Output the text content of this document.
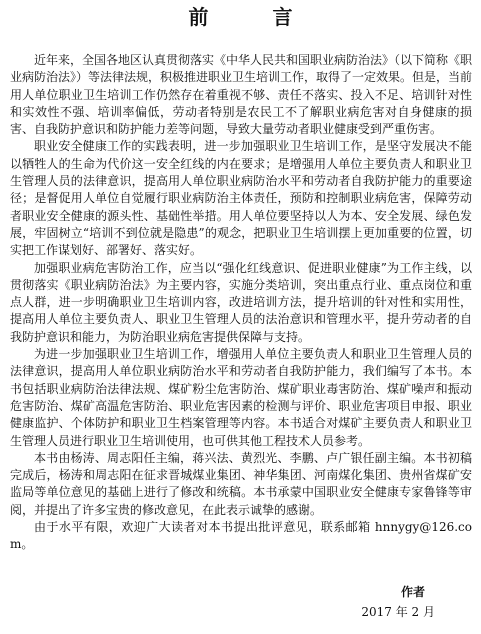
前　言

近年来，全国各地区认真贯彻落实《中华人民共和国职业病防治法》（以下简称《职业病防治法》）等法律法规，积极推进职业卫生培训工作，取得了一定效果。但是，当前用人单位职业卫生培训工作仍然存在着重视不够、责任不落实、投入不足、培训针对性和实效性不强、培训率偏低，劳动者特别是农民工不了解职业病危害对自身健康的损害、自我防护意识和防护能力差等问题，导致大量劳动者职业健康受到严重伤害。

职业安全健康工作的实践表明，进一步加强职业卫生培训工作，是坚守发展决不能以牺牲人的生命为代价这一安全红线的内在要求；是增强用人单位主要负责人和职业卫生管理人员的法律意识，提高用人单位职业病防治水平和劳动者自我防护能力的重要途径；是督促用人单位自觉履行职业病防治主体责任，预防和控制职业病危害，保障劳动者职业安全健康的源头性、基础性举措。用人单位要坚持以人为本、安全发展、绿色发展，牢固树立“培训不到位就是隐患”的观念，把职业卫生培训摆上更加重要的位置，切实把工作谋划好、部署好、落实好。

加强职业病危害防治工作，应当以“强化红线意识、促进职业健康”为工作主线，以贯彻落实《职业病防治法》为主要内容，实施分类培训，突出重点行业、重点岗位和重点人群，进一步明确职业卫生培训内容，改进培训方法，提升培训的针对性和实用性，提高用人单位主要负责人、职业卫生管理人员的法治意识和管理水平，提升劳动者的自我防护意识和能力，为防治职业病危害提供保障与支持。

为进一步加强职业卫生培训工作，增强用人单位主要负责人和职业卫生管理人员的法律意识，提高用人单位职业病防治水平和劳动者自我防护能力，我们编写了本书。本书包括职业病防治法律法规、煤矿粉尘危害防治、煤矿职业毒害防治、煤矿噪声和振动危害防治、煤矿高温危害防治、职业危害因素的检测与评价、职业危害项目申报、职业健康监护、个体防护和职业卫生档案管理等内容。本书适合对煤矿主要负责人和职业卫生管理人员进行职业卫生培训使用，也可供其他工程技术人员参考。

本书由杨涛、周志阳任主编，蒋兴法、黄烈光、李鹏、卢广银任副主编。本书初稿完成后，杨涛和周志阳在征求晋城煤业集团、神华集团、河南煤化集团、贵州省煤矿安监局等单位意见的基础上进行了修改和统稿。本书承蒙中国职业安全健康专家鲁锋等审阅，并提出了许多宝贵的修改意见，在此表示诚挚的感谢。

由于水平有限，欢迎广大读者对本书提出批评意见，联系邮箱 hnnygy@126.com。

作者

2017 年 2 月
